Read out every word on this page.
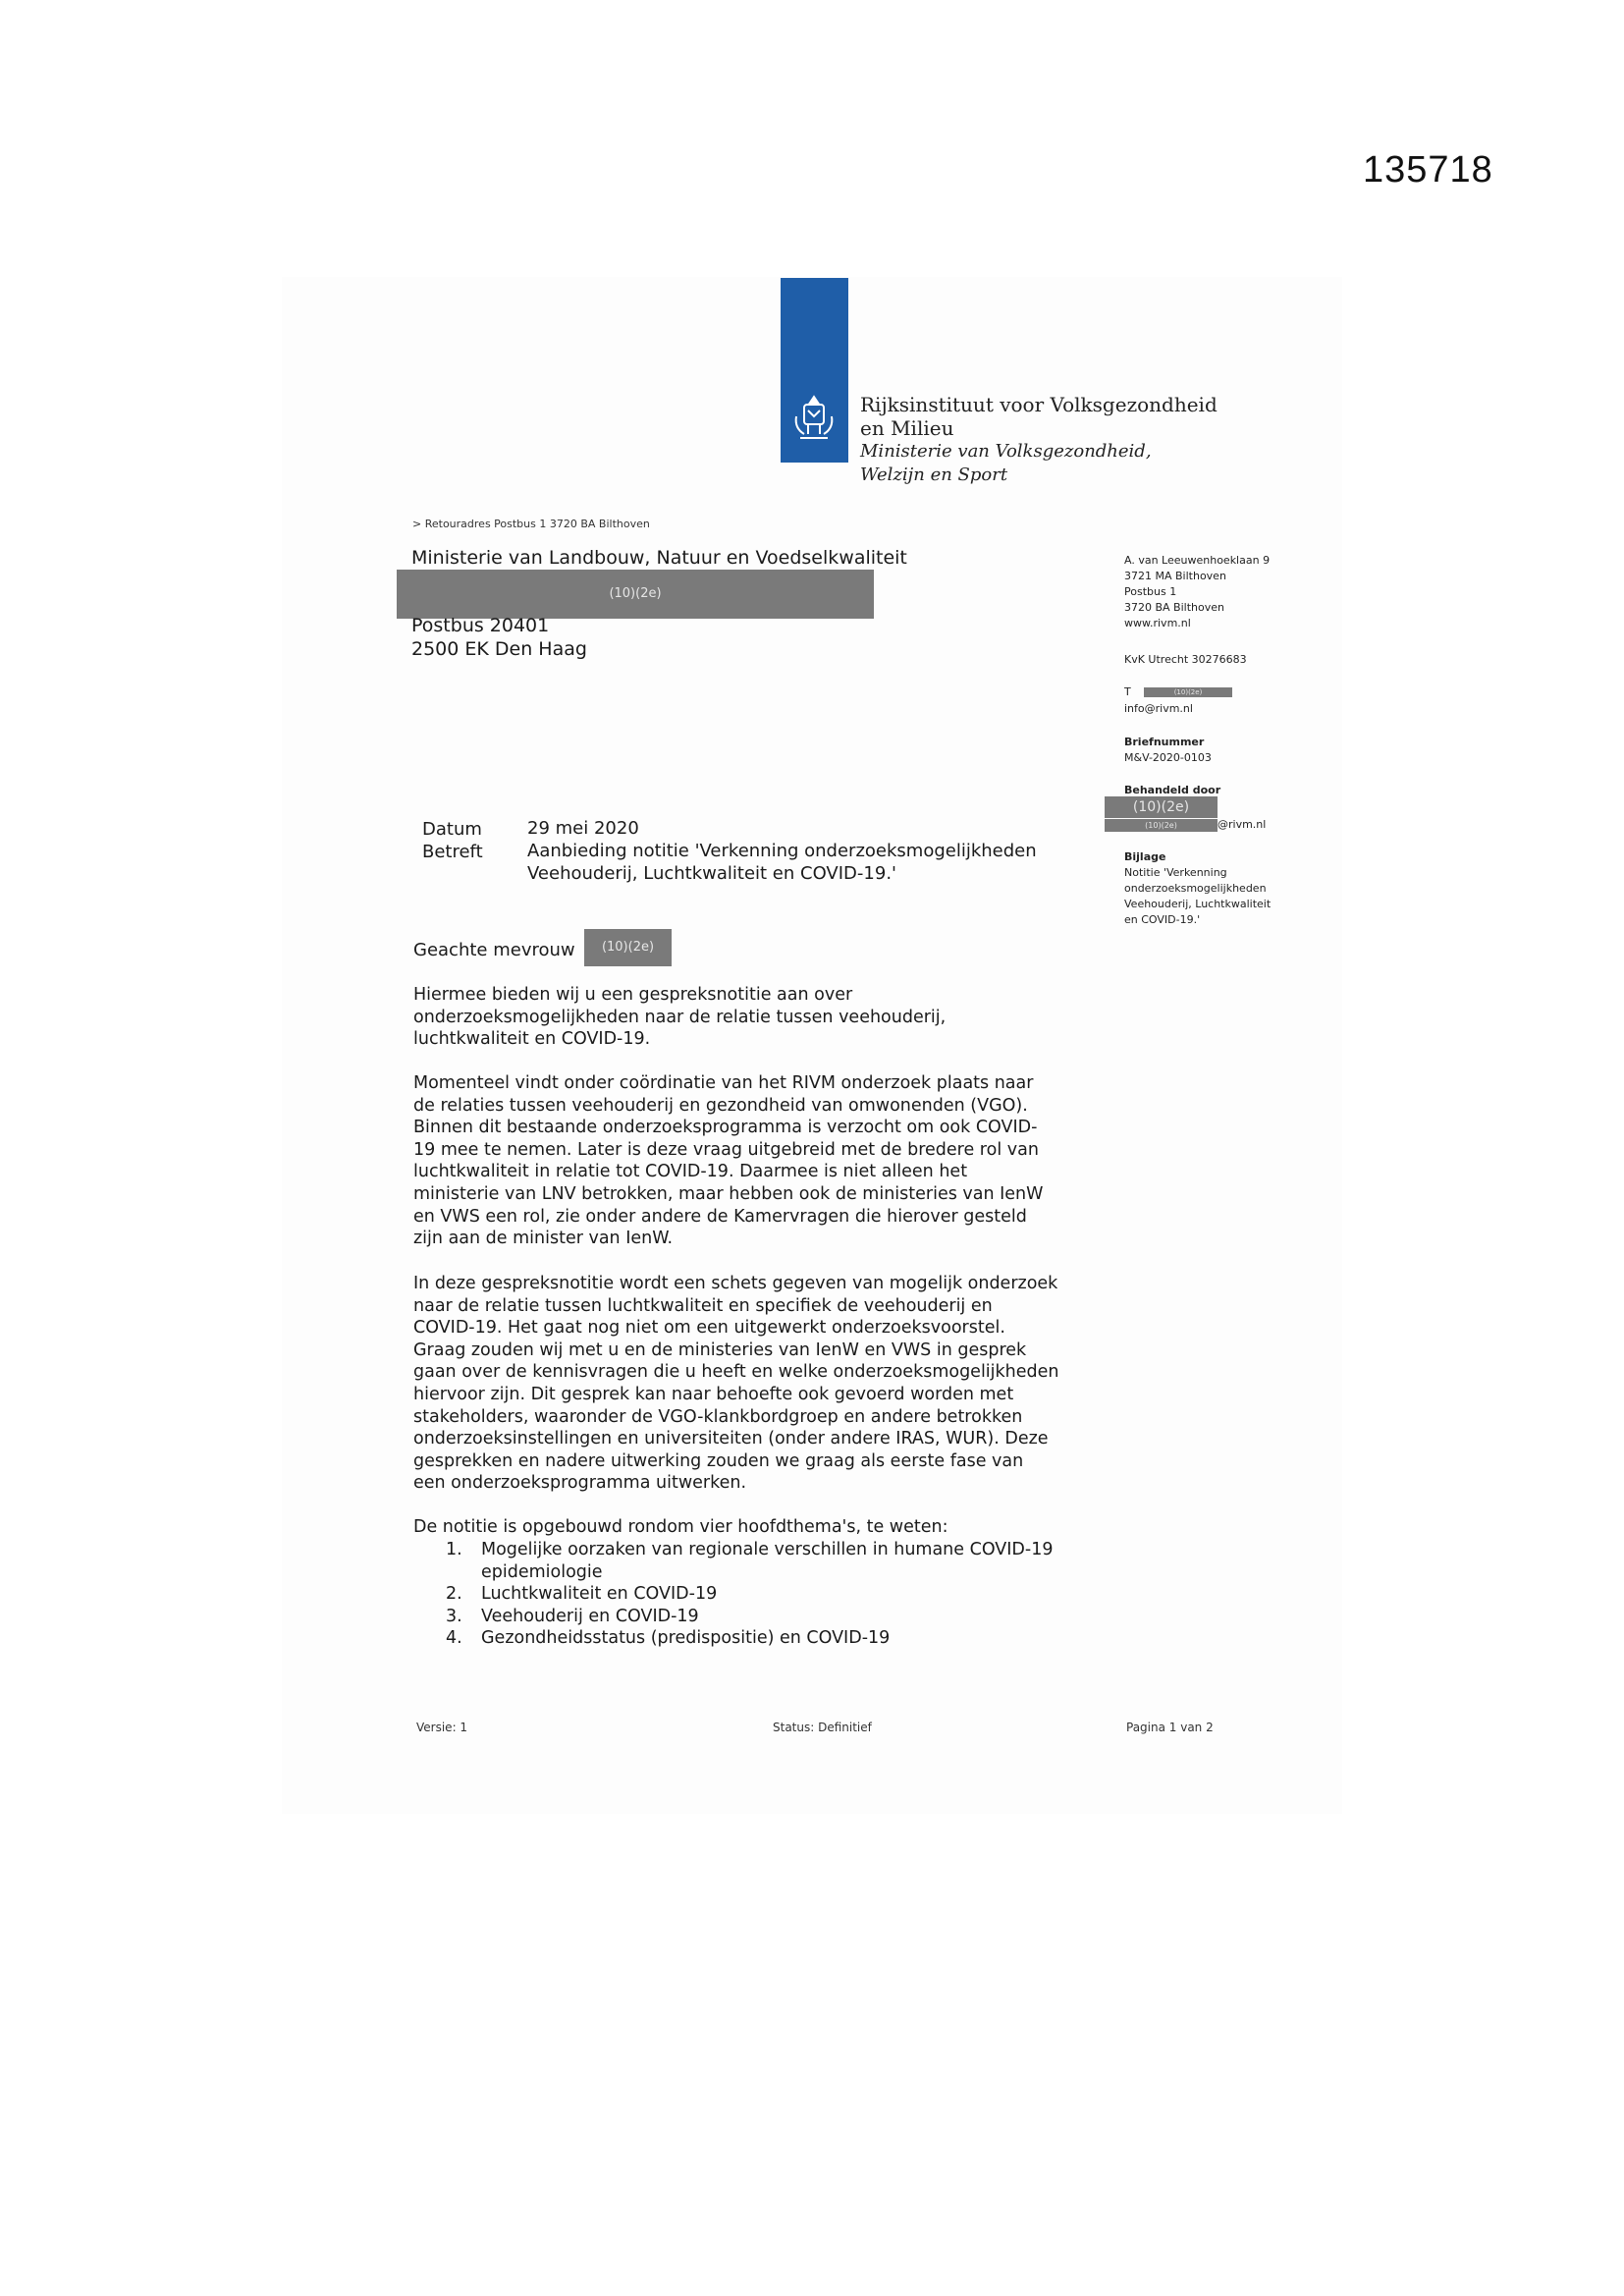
135718
Rijksinstituut voor Volksgezondheid
en Milieu
Ministerie van Volksgezondheid,
Welzijn en Sport
> Retouradres Postbus 1 3720 BA Bilthoven
Ministerie van Landbouw, Natuur en Voedselkwaliteit
(10)(2e)
Postbus 20401
2500 EK Den Haag
A. van Leeuwenhoeklaan 9
3721 MA Bilthoven
Postbus 1
3720 BA Bilthoven
www.rivm.nl
KvK Utrecht 30276683
T	(10)(2e)
info@rivm.nl
Briefnummer
M&V-2020-0103
Behandeld door
(10)(2e)
(10)(2e)	@rivm.nl
Bijlage
Notitie 'Verkenning
onderzoeksmogelijkheden
Veehouderij, Luchtkwaliteit
en COVID-19.'
Datum	29 mei 2020
Betreft	Aanbieding notitie 'Verkenning onderzoeksmogelijkheden
Veehouderij, Luchtkwaliteit en COVID-19.'
Geachte mevrouw	(10)(2e)

Hiermee bieden wij u een gespreksnotitie aan over
onderzoeksmogelijkheden naar de relatie tussen veehouderij,
luchtkwaliteit en COVID-19.

Momenteel vindt onder coördinatie van het RIVM onderzoek plaats naar
de relaties tussen veehouderij en gezondheid van omwonenden (VGO).
Binnen dit bestaande onderzoeksprogramma is verzocht om ook COVID-
19 mee te nemen. Later is deze vraag uitgebreid met de bredere rol van
luchtkwaliteit in relatie tot COVID-19. Daarmee is niet alleen het
ministerie van LNV betrokken, maar hebben ook de ministeries van IenW
en VWS een rol, zie onder andere de Kamervragen die hierover gesteld
zijn aan de minister van IenW.

In deze gespreksnotitie wordt een schets gegeven van mogelijk onderzoek
naar de relatie tussen luchtkwaliteit en specifiek de veehouderij en
COVID-19. Het gaat nog niet om een uitgewerkt onderzoeksvoorstel.
Graag zouden wij met u en de ministeries van IenW en VWS in gesprek
gaan over de kennisvragen die u heeft en welke onderzoeksmogelijkheden
hiervoor zijn. Dit gesprek kan naar behoefte ook gevoerd worden met
stakeholders, waaronder de VGO-klankbordgroep en andere betrokken
onderzoeksinstellingen en universiteiten (onder andere IRAS, WUR). Deze
gesprekken en nadere uitwerking zouden we graag als eerste fase van
een onderzoeksprogramma uitwerken.

De notitie is opgebouwd rondom vier hoofdthema's, te weten:

1. Mogelijke oorzaken van regionale verschillen in humane COVID-19
epidemiologie
2. Luchtkwaliteit en COVID-19
3. Veehouderij en COVID-19
4. Gezondheidsstatus (predispositie) en COVID-19
Versie: 1	Status: Definitief	Pagina 1 van 2
